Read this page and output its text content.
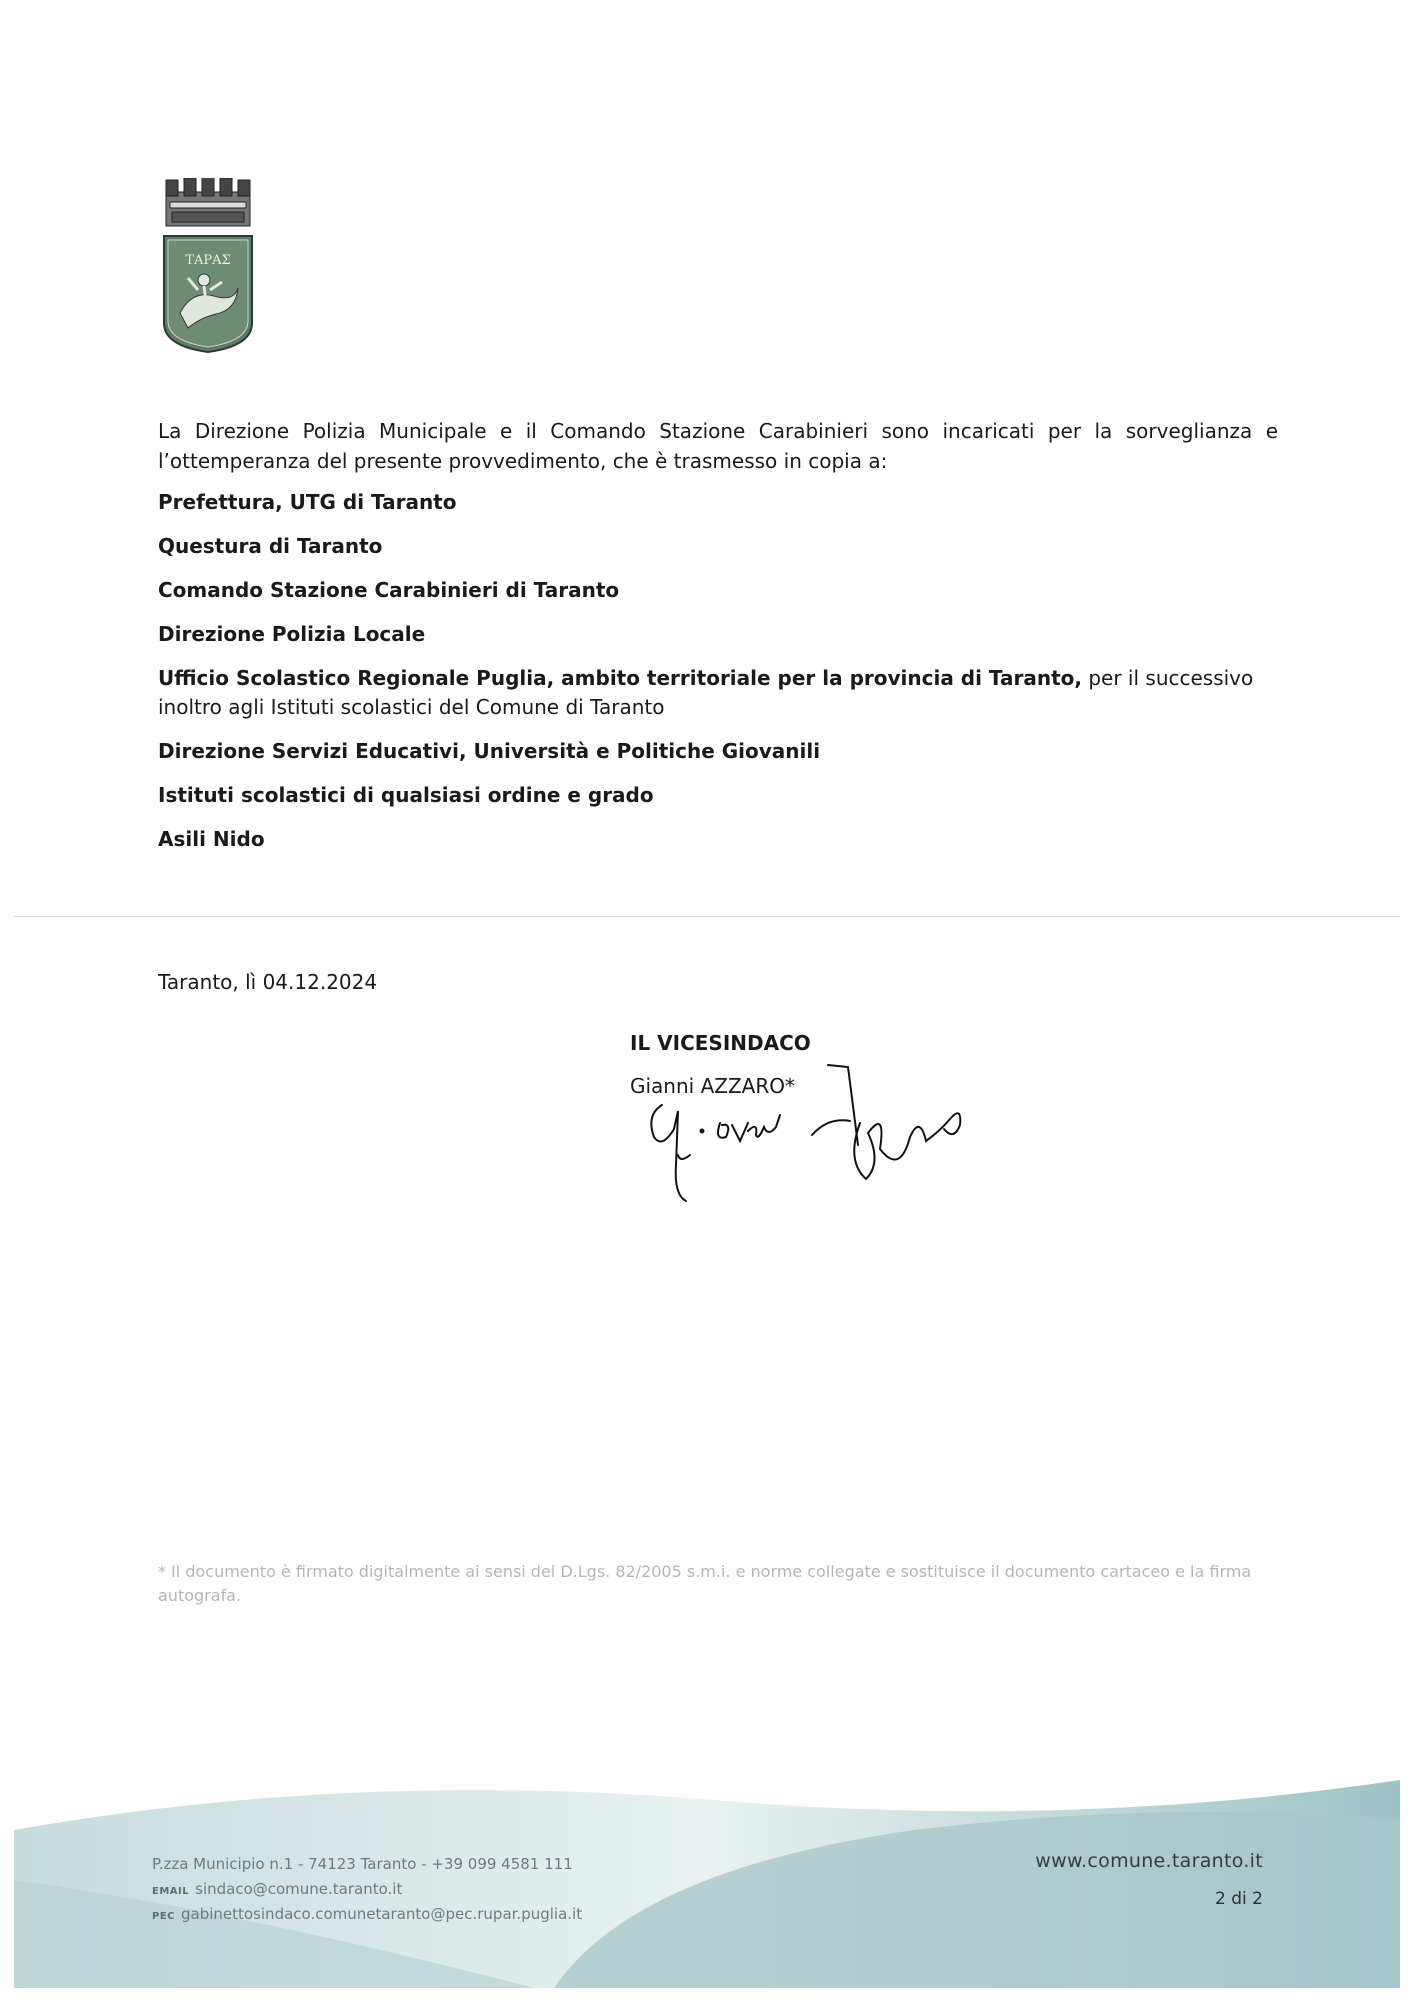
ΤΑΡΑΣ
La Direzione Polizia Municipale e il Comando Stazione Carabinieri sono incaricati per la sorveglianza e l’ottemperanza del presente provvedimento, che è trasmesso in copia a:
Prefettura, UTG di Taranto
Questura di Taranto
Comando Stazione Carabinieri di Taranto
Direzione Polizia Locale
Ufficio Scolastico Regionale Puglia, ambito territoriale per la provincia di Taranto, per il successivo inoltro agli Istituti scolastici del Comune di Taranto
Direzione Servizi Educativi, Università e Politiche Giovanili
Istituti scolastici di qualsiasi ordine e grado
Asili Nido
Taranto, lì 04.12.2024
IL VICESINDACO
Gianni AZZARO*
* Il documento è firmato digitalmente ai sensi del D.Lgs. 82/2005 s.m.i. e norme collegate e sostituisce il documento cartaceo e la firma autografa.
P.zza Municipio n.1 - 74123 Taranto - +39 099 4581 111
EMAIL sindaco@comune.taranto.it
PEC gabinettosindaco.comunetaranto@pec.rupar.puglia.it
www.comune.taranto.it
2 di 2
